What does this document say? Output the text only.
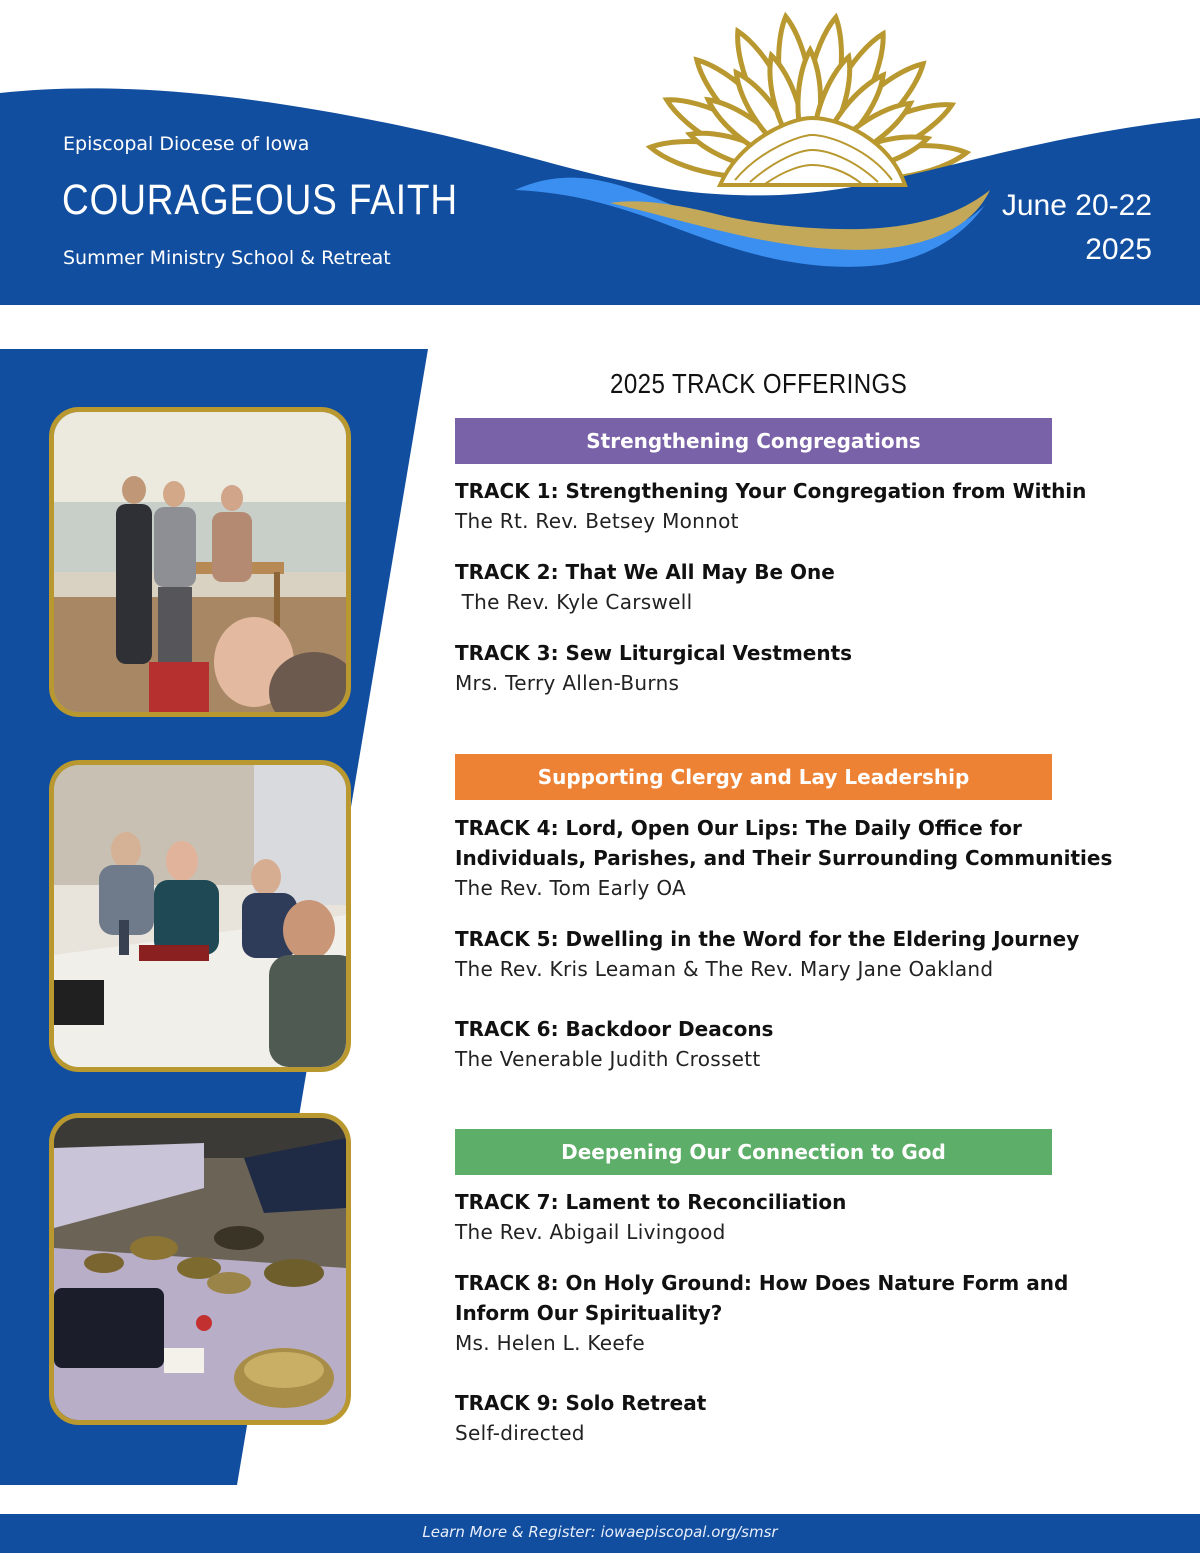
Episcopal Diocese of Iowa
COURAGEOUS FAITH
Summer Ministry School & Retreat
June 20-22
2025
2025 TRACK OFFERINGS
Strengthening Congregations
TRACK 1: Strengthening Your Congregation from Within
The Rt. Rev. Betsey Monnot
TRACK 2: That We All May Be One
The Rev. Kyle Carswell
TRACK 3: Sew Liturgical Vestments
Mrs. Terry Allen-Burns
Supporting Clergy and Lay Leadership
TRACK 4: Lord, Open Our Lips: The Daily Office for
Individuals, Parishes, and Their Surrounding Communities
The Rev. Tom Early OA
TRACK 5: Dwelling in the Word for the Eldering Journey
The Rev. Kris Leaman & The Rev. Mary Jane Oakland
TRACK 6: Backdoor Deacons
The Venerable Judith Crossett
Deepening Our Connection to God
TRACK 7: Lament to Reconciliation
The Rev. Abigail Livingood
TRACK 8: On Holy Ground: How Does Nature Form and
Inform Our Spirituality?
Ms. Helen L. Keefe
TRACK 9: Solo Retreat
Self-directed
Learn More & Register: iowaepiscopal.org/smsr
